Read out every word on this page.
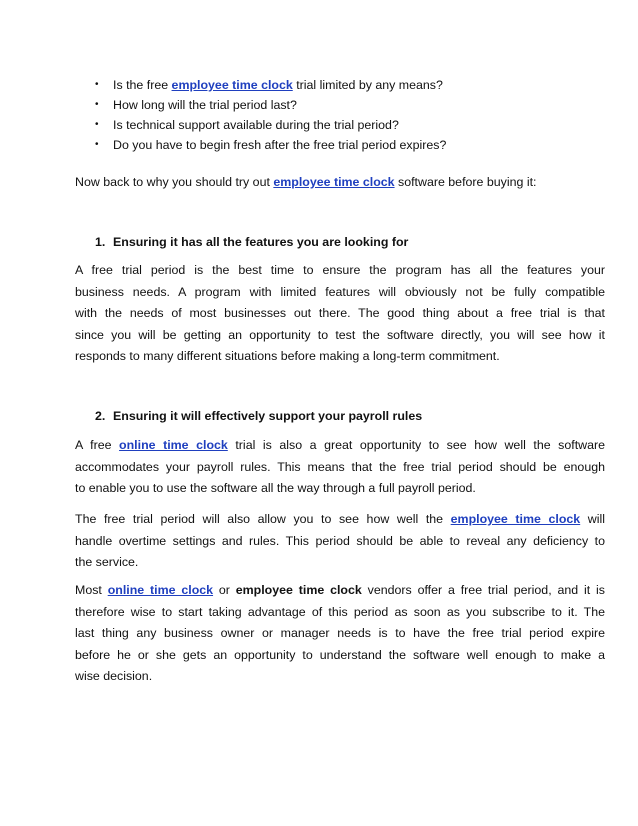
• Is the free employee time clock trial limited by any means?
• How long will the trial period last?
• Is technical support available during the trial period?
• Do you have to begin fresh after the free trial period expires?

Now back to why you should try out employee time clock software before buying it:

1. Ensuring it has all the features you are looking for

A free trial period is the best time to ensure the program has all the features your
business needs. A program with limited features will obviously not be fully compatible
with the needs of most businesses out there. The good thing about a free trial is that
since you will be getting an opportunity to test the software directly, you will see how it
responds to many different situations before making a long-term commitment.

2. Ensuring it will effectively support your payroll rules

A free online time clock trial is also a great opportunity to see how well the software
accommodates your payroll rules. This means that the free trial period should be enough
to enable you to use the software all the way through a full payroll period.

The free trial period will also allow you to see how well the employee time clock will
handle overtime settings and rules. This period should be able to reveal any deficiency to
the service.

Most online time clock or employee time clock vendors offer a free trial period, and it is
therefore wise to start taking advantage of this period as soon as you subscribe to it. The
last thing any business owner or manager needs is to have the free trial period expire
before he or she gets an opportunity to understand the software well enough to make a
wise decision.
